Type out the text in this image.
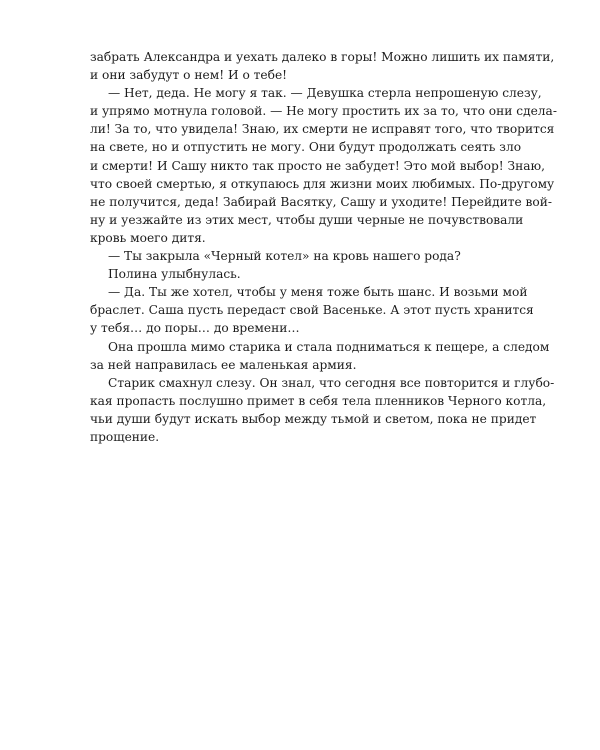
забрать Александра и уехать далеко в горы! Можно лишить их памяти,
и они забудут о нем! И о тебе!
— Нет, деда. Не могу я так. — Девушка стерла непрошеную слезу,
и упрямо мотнула головой. — Не могу простить их за то, что они сдела-
ли! За то, что увидела! Знаю, их смерти не исправят того, что творится
на свете, но и отпустить не могу. Они будут продолжать сеять зло
и смерти! И Сашу никто так просто не забудет! Это мой выбор! Знаю,
что своей смертью, я откупаюсь для жизни моих любимых. По-другому
не получится, деда! Забирай Васятку, Сашу и уходите! Перейдите вой-
ну и уезжайте из этих мест, чтобы души черные не почувствовали
кровь моего дитя.
— Ты закрыла «Черный котел» на кровь нашего рода?
Полина улыбнулась.
— Да. Ты же хотел, чтобы у меня тоже быть шанс. И возьми мой
браслет. Саша пусть передаст свой Васеньке. А этот пусть хранится
у тебя… до поры… до времени…
Она прошла мимо старика и стала подниматься к пещере, а следом
за ней направилась ее маленькая армия.
Старик смахнул слезу. Он знал, что сегодня все повторится и глубо-
кая пропасть послушно примет в себя тела пленников Черного котла,
чьи души будут искать выбор между тьмой и светом, пока не придет
прощение.
